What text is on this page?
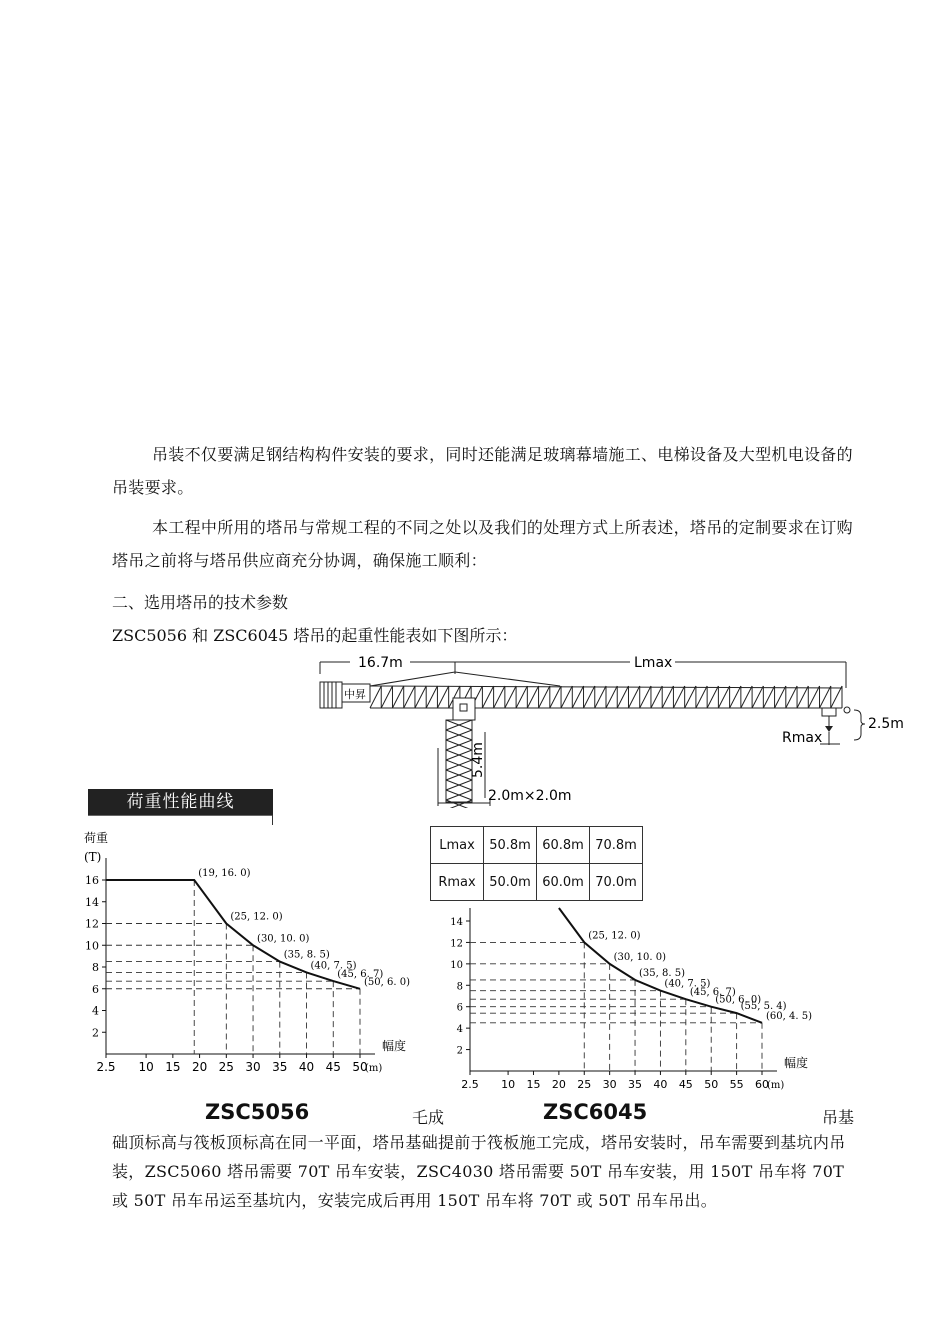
吊装不仅要满足钢结构构件安装的要求，同时还能满足玻璃幕墙施工、电梯设备及大型机电设备的 吊装要求。
本工程中所用的塔吊与常规工程的不同之处以及我们的处理方式上所表述，塔吊的定制要求在订购塔吊之前将与塔吊供应商充分协调，确保施工顺利：
二、选用塔吊的技术参数
ZSC5056 和 ZSC6045 塔吊的起重性能表如下图所示：
16.7m	Lmax
中昇
5.4m
2.0m×2.0m
Rmax
2.5m
荷重性能曲线
Lmax	50.8m	60.8m	70.8m
Rmax	50.0m	60.0m	70.0m
2.5 10 15 20 25 30 35 40 45 50
2
4
6
8
10
12
14
16
(19, 16. 0)
(25, 12. 0)
(30, 10. 0)
(35, 8. 5)
(40, 7. 5)
(45, 6. 7)
(50, 6. 0)
荷重
(T)
(m)
幅度
2.5 10 15 20 25 30 35 40 45 50 55 60
2
4
6
8
10
12
14
(25, 12. 0)
(30, 10. 0)
(35, 8. 5)
(40, 7. 5)
(45, 6. 7)
(50, 6. 0)
(55, 5. 4)
(60, 4. 5)
(m)
幅度
ZSC5056	乇成	ZSC6045	吊基
础顶标高与筏板顶标高在同一平面，塔吊基础提前于筏板施工完成，塔吊安装时，吊车需要到基坑内吊装，ZSC5060 塔吊需要 70T 吊车安装，ZSC4030 塔吊需要 50T 吊车安装，用 150T 吊车将 70T 或 50T 吊车吊运至基坑内，安装完成后再用 150T 吊车将 70T 或 50T 吊车吊出。
